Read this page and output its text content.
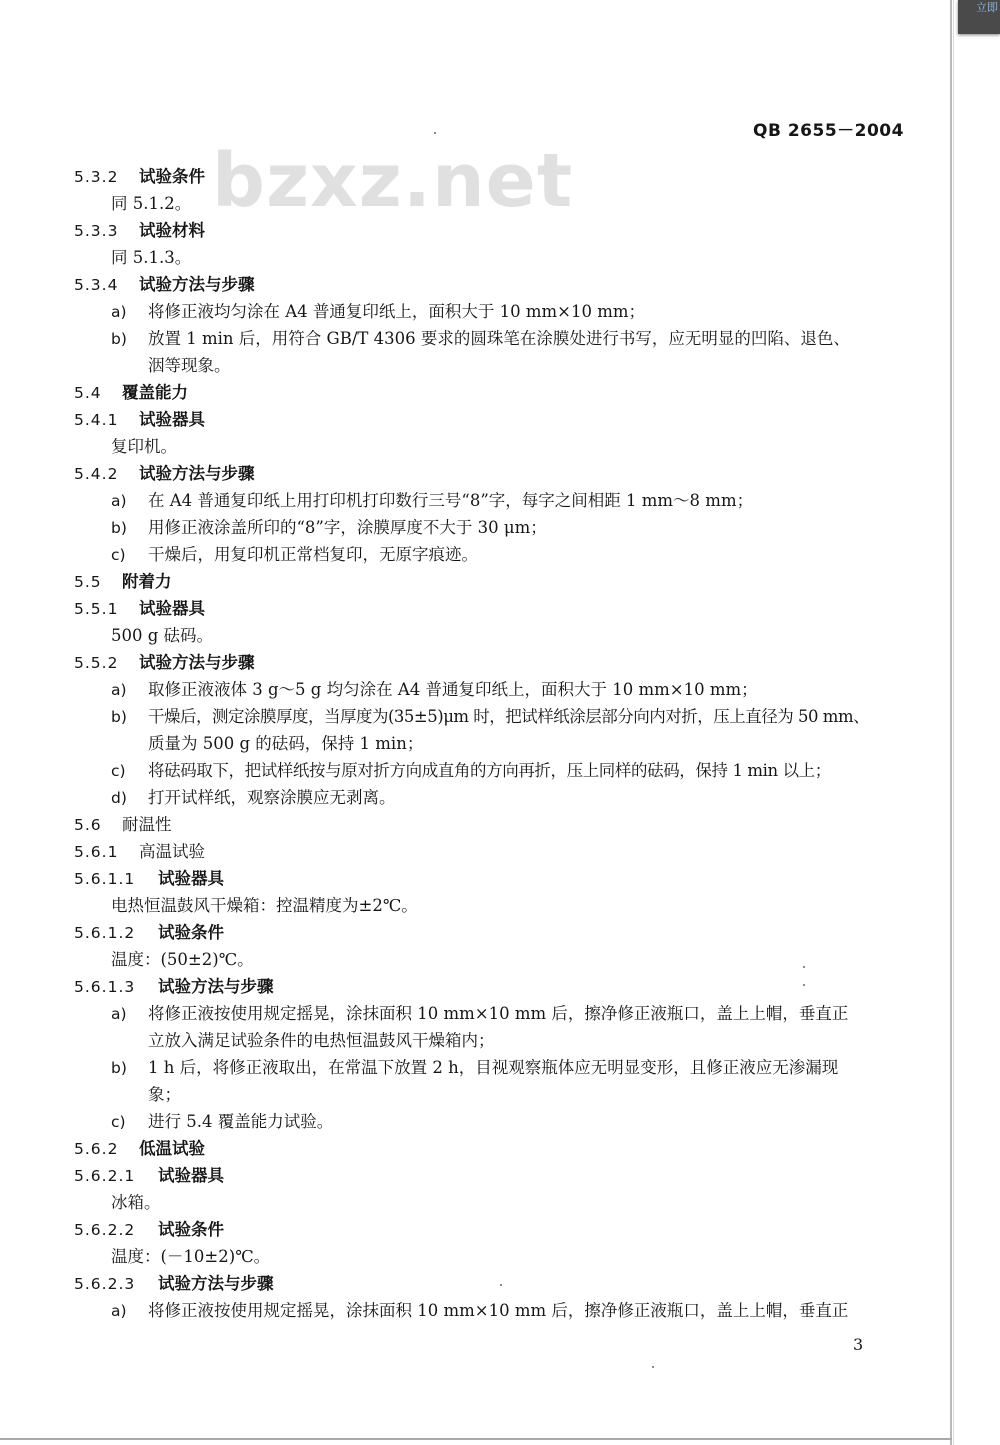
立即
bzxz.net
QB 2655－2004
5.3.2 试验条件
同 5.1.2。
5.3.3 试验材料
同 5.1.3。
5.3.4 试验方法与步骤
a) 将修正液均匀涂在 A4 普通复印纸上，面积大于 10 mm×10 mm；
b) 放置 1 min 后，用符合 GB/T 4306 要求的圆珠笔在涂膜处进行书写，应无明显的凹陷、退色、
洇等现象。
5.4 覆盖能力
5.4.1 试验器具
复印机。
5.4.2 试验方法与步骤
a) 在 A4 普通复印纸上用打印机打印数行三号“8”字，每字之间相距 1 mm～8 mm；
b) 用修正液涂盖所印的“8”字，涂膜厚度不大于 30 μm；
c) 干燥后，用复印机正常档复印，无原字痕迹。
5.5 附着力
5.5.1 试验器具
500 g 砝码。
5.5.2 试验方法与步骤
a) 取修正液液体 3 g～5 g 均匀涂在 A4 普通复印纸上，面积大于 10 mm×10 mm；
b) 干燥后，测定涂膜厚度，当厚度为(35±5)μm 时，把试样纸涂层部分向内对折，压上直径为 50 mm、
质量为 500 g 的砝码，保持 1 min；
c) 将砝码取下，把试样纸按与原对折方向成直角的方向再折，压上同样的砝码，保持 1 min 以上；
d) 打开试样纸，观察涂膜应无剥离。
5.6 耐温性
5.6.1 高温试验
5.6.1.1 试验器具
电热恒温鼓风干燥箱：控温精度为±2℃。
5.6.1.2 试验条件
温度：(50±2)℃。
5.6.1.3 试验方法与步骤
a) 将修正液按使用规定摇晃，涂抹面积 10 mm×10 mm 后，擦净修正液瓶口，盖上上帽，垂直正
立放入满足试验条件的电热恒温鼓风干燥箱内；
b) 1 h 后，将修正液取出，在常温下放置 2 h，目视观察瓶体应无明显变形，且修正液应无渗漏现
象；
c) 进行 5.4 覆盖能力试验。
5.6.2 低温试验
5.6.2.1 试验器具
冰箱。
5.6.2.2 试验条件
温度：(－10±2)℃。
5.6.2.3 试验方法与步骤
a) 将修正液按使用规定摇晃，涂抹面积 10 mm×10 mm 后，擦净修正液瓶口，盖上上帽，垂直正
3
